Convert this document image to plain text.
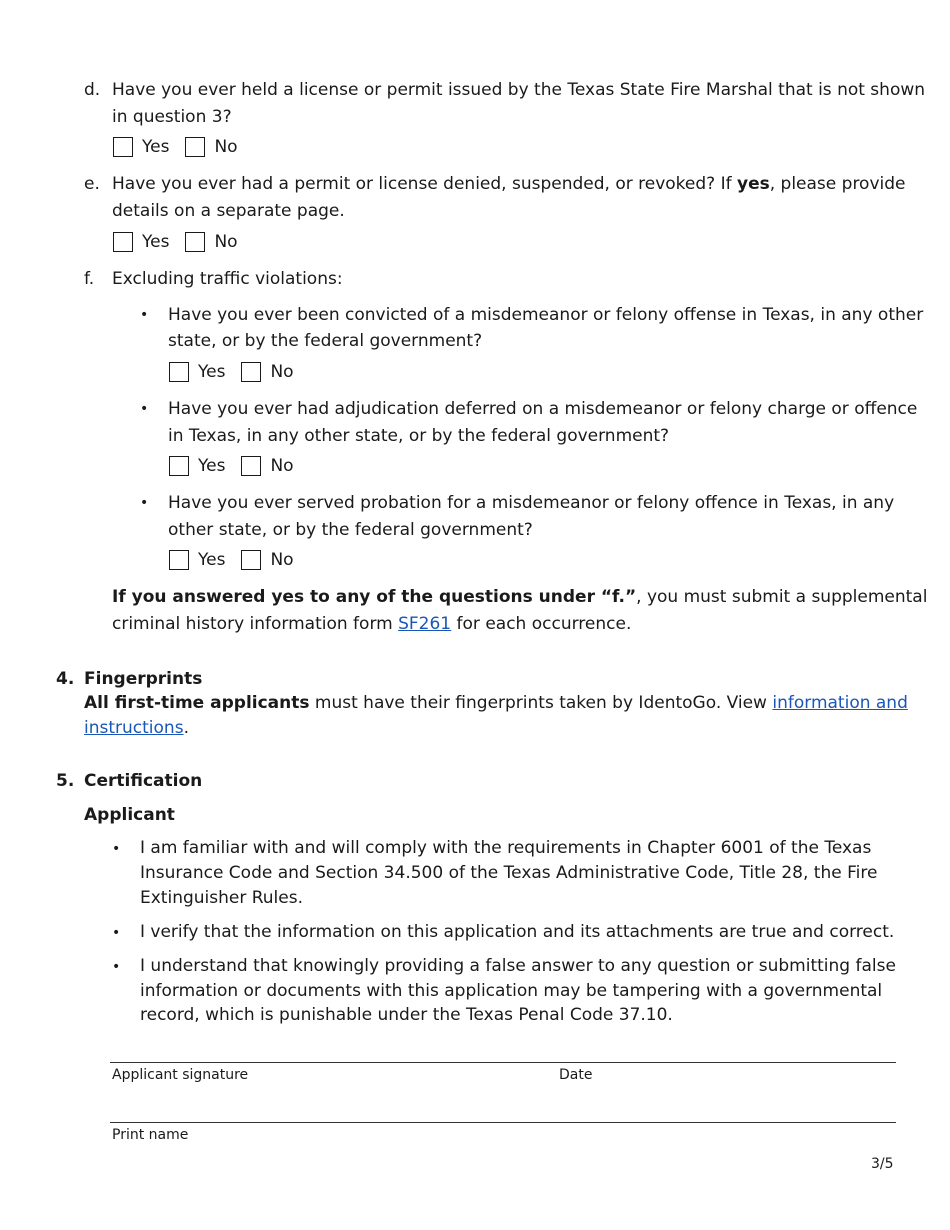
d. Have you ever held a license or permit issued by the Texas State Fire Marshal that is not shown
in question 3?
Yes	No
e. Have you ever had a permit or license denied, suspended, or revoked? If yes, please provide
details on a separate page.
Yes	No
f. Excluding traffic violations:
• Have you ever been convicted of a misdemeanor or felony offense in Texas, in any other
state, or by the federal government?
Yes	No
• Have you ever had adjudication deferred on a misdemeanor or felony charge or offence
in Texas, in any other state, or by the federal government?
Yes	No
• Have you ever served probation for a misdemeanor or felony offence in Texas, in any
other state, or by the federal government?
Yes	No
If you answered yes to any of the questions under “f.”, you must submit a supplemental
criminal history information form SF261 for each occurrence.
4. Fingerprints
All first-time applicants must have their fingerprints taken by IdentoGo. View information and
instructions.
5. Certification
Applicant
• I am familiar with and will comply with the requirements in Chapter 6001 of the Texas
Insurance Code and Section 34.500 of the Texas Administrative Code, Title 28, the Fire
Extinguisher Rules.
• I verify that the information on this application and its attachments are true and correct.
• I understand that knowingly providing a false answer to any question or submitting false
information or documents with this application may be tampering with a governmental
record, which is punishable under the Texas Penal Code 37.10.
Applicant signature	Date
Print name
3/5
